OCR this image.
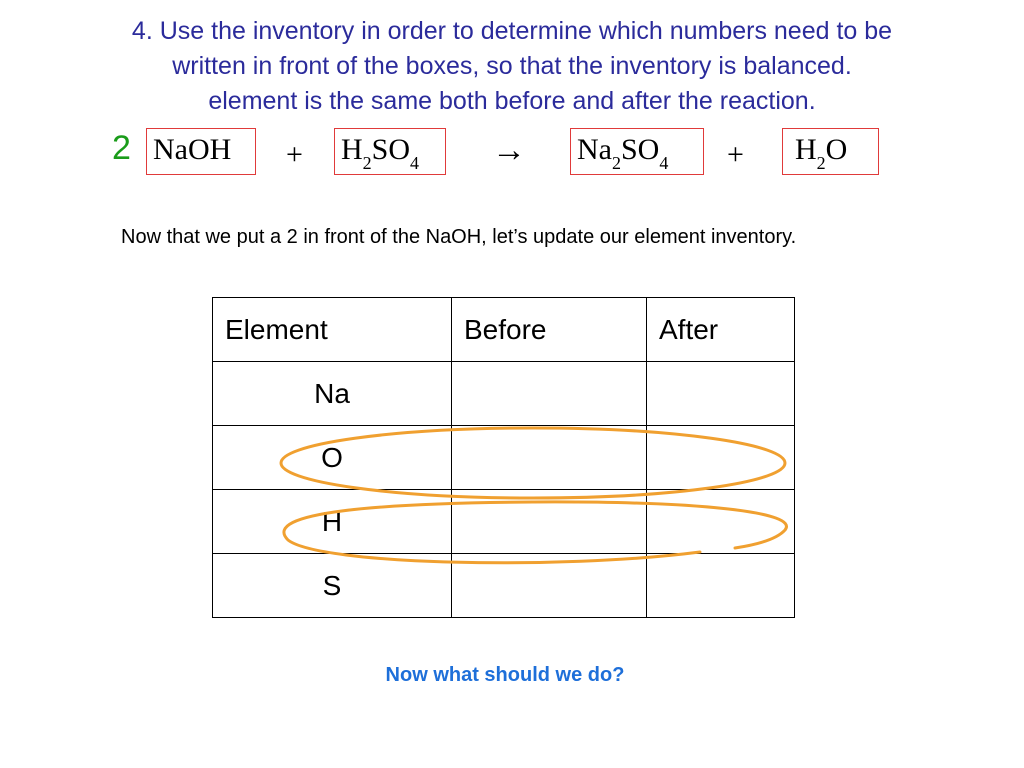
4. Use the inventory in order to determine which numbers need to be
written in front of the boxes, so that the inventory is balanced.
element is the same both before and after the reaction.
2 NaOH	+ $H_2SO_4$	→ $Na_2SO_4$	+	$H_2O$
Now that we put a 2 in front of the NaOH, let’s update our element inventory.
Element	Before	After
Na		
O		
H		
S		
Now what should we do?
